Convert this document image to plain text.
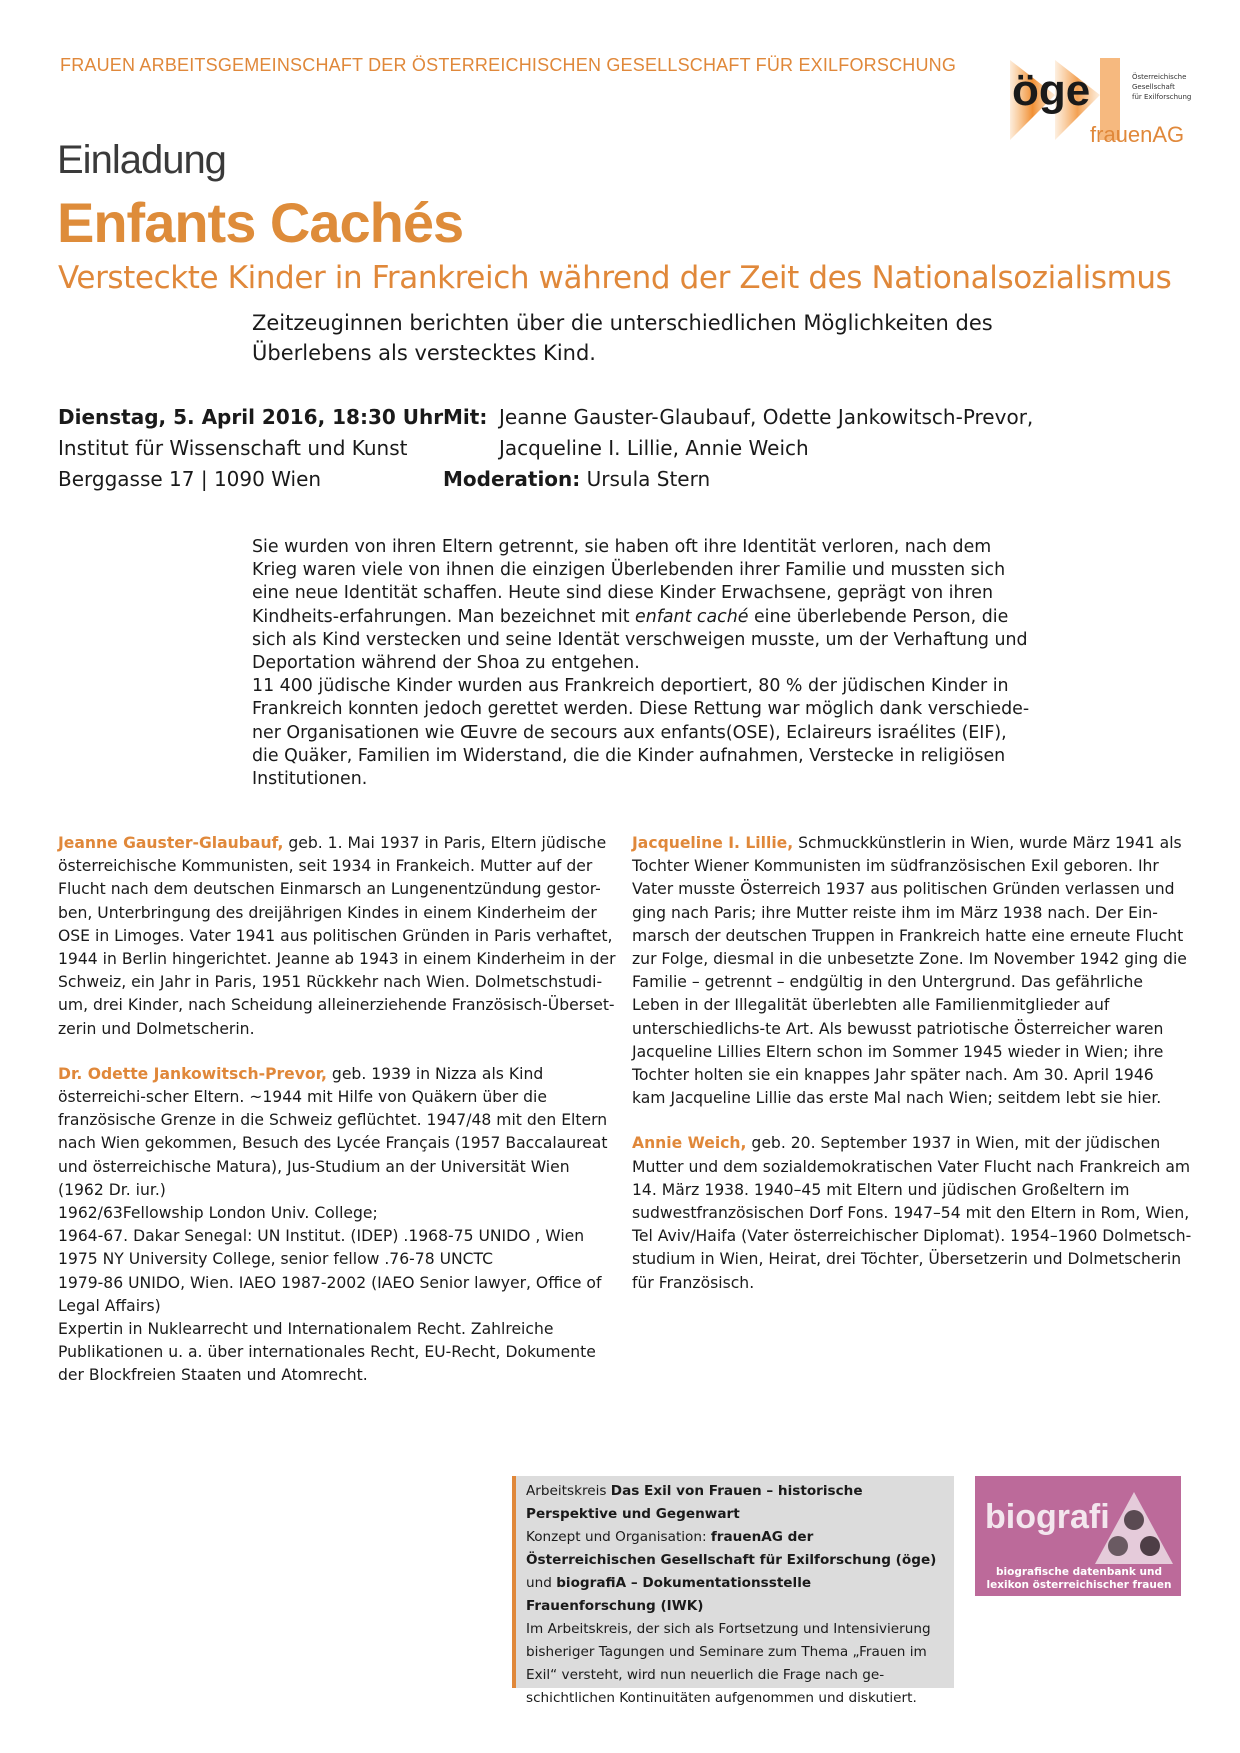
FRAUEN ARBEITSGEMEINSCHAFT DER ÖSTERREICHISCHEN GESELLSCHAFT FÜR EXILFORSCHUNG
öge	Österreichische
Gesellschaft
für Exilforschung
frauenAG
Einladung
Enfants Cachés
Versteckte Kinder in Frankreich während der Zeit des Nationalsozialismus
Zeitzeuginnen berichten über die unterschiedlichen Möglichkeiten des
Überlebens als verstecktes Kind.
Dienstag, 5. April 2016, 18:30 Uhr
Institut für Wissenschaft und Kunst
Berggasse 17 | 1090 Wien
Mit: Jeanne Gauster-Glaubauf, Odette Jankowitsch-Prevor,
Jacqueline I. Lillie, Annie Weich
Moderation: Ursula Stern
Sie wurden von ihren Eltern getrennt, sie haben oft ihre Identität verloren, nach dem Krieg waren viele von ihnen die einzigen Überlebenden ihrer Familie und mussten sich eine neue Identität schaffen. Heute sind diese Kinder Erwachsene, geprägt von ihren Kindheits-erfahrungen. Man bezeichnet mit enfant caché eine überlebende Person, die sich als Kind verstecken und seine Identät verschweigen musste, um der Verhaftung und Deportation während der Shoa zu entgehen.
11 400 jüdische Kinder wurden aus Frankreich deportiert, 80 % der jüdischen Kinder in Frankreich konnten jedoch gerettet werden. Diese Rettung war möglich dank verschiede-ner Organisationen wie Œuvre de secours aux enfants(OSE), Eclaireurs israélites (EIF), die Quäker, Familien im Widerstand, die die Kinder aufnahmen, Verstecke in religiösen Institutionen.

Jeanne Gauster-Glaubauf, geb. 1. Mai 1937 in Paris, Eltern jüdische österreichische Kommunisten, seit 1934 in Frankeich. Mutter auf der Flucht nach dem deutschen Einmarsch an Lungenentzündung gestor-ben, Unterbringung des dreijährigen Kindes in einem Kinderheim der OSE in Limoges. Vater 1941 aus politischen Gründen in Paris verhaftet, 1944 in Berlin hingerichtet. Jeanne ab 1943 in einem Kinderheim in der Schweiz, ein Jahr in Paris, 1951 Rückkehr nach Wien. Dolmetschstudi-um, drei Kinder, nach Scheidung alleinerziehende Französisch-Überset-zerin und Dolmetscherin.

Dr. Odette Jankowitsch-Prevor, geb. 1939 in Nizza als Kind österreichi-scher Eltern. ~1944 mit Hilfe von Quäkern über die französische Grenze in die Schweiz geflüchtet. 1947/48 mit den Eltern nach Wien gekommen, Besuch des Lycée Français (1957 Baccalaureat und österreichische Matura), Jus-Studium an der Universität Wien (1962 Dr. iur.)
1962/63Fellowship London Univ. College;
1964-67. Dakar Senegal: UN Institut. (IDEP) .1968-75 UNIDO , Wien
1975 NY University College, senior fellow .76-78 UNCTC
1979-86 UNIDO, Wien. IAEO 1987-2002 (IAEO Senior lawyer, Office of Legal Affairs)
Expertin in Nuklearrecht und Internationalem Recht. Zahlreiche Publikationen u. a. über internationales Recht, EU-Recht, Dokumente der Blockfreien Staaten und Atomrecht.

Jacqueline I. Lillie, Schmuckkünstlerin in Wien, wurde März 1941 als Tochter Wiener Kommunisten im südfranzösischen Exil geboren. Ihr Vater musste Österreich 1937 aus politischen Gründen verlassen und ging nach Paris; ihre Mutter reiste ihm im März 1938 nach. Der Ein-marsch der deutschen Truppen in Frankreich hatte eine erneute Flucht zur Folge, diesmal in die unbesetzte Zone. Im November 1942 ging die Familie – getrennt – endgültig in den Untergrund. Das gefährliche Leben in der Illegalität überlebten alle Familienmitglieder auf unterschiedlichs-te Art. Als bewusst patriotische Österreicher waren Jacqueline Lillies Eltern schon im Sommer 1945 wieder in Wien; ihre Tochter holten sie ein knappes Jahr später nach. Am 30. April 1946 kam Jacqueline Lillie das erste Mal nach Wien; seitdem lebt sie hier.

Annie Weich, geb. 20. September 1937 in Wien, mit der jüdischen Mutter und dem sozialdemokratischen Vater Flucht nach Frankreich am 14. März 1938. 1940–45 mit Eltern und jüdischen Großeltern im sudwestfranzösischen Dorf Fons. 1947–54 mit den Eltern in Rom, Wien, Tel Aviv/Haifa (Vater österreichischer Diplomat). 1954–1960 Dolmetsch-studium in Wien, Heirat, drei Töchter, Übersetzerin und Dolmetscherin für Französisch.

Arbeitskreis Das Exil von Frauen – historische Perspektive und Gegenwart
Konzept und Organisation: frauenAG der Österreichischen Gesellschaft für Exilforschung (öge) und biografiA – Dokumentationsstelle Frauenforschung (IWK)
Im Arbeitskreis, der sich als Fortsetzung und Intensivierung bisheriger Tagungen und Seminare zum Thema „Frauen im Exil“ versteht, wird nun neuerlich die Frage nach ge-schichtlichen Kontinuitäten aufgenommen und diskutiert.
biografi
biografische datenbank und
lexikon österreichischer frauen
